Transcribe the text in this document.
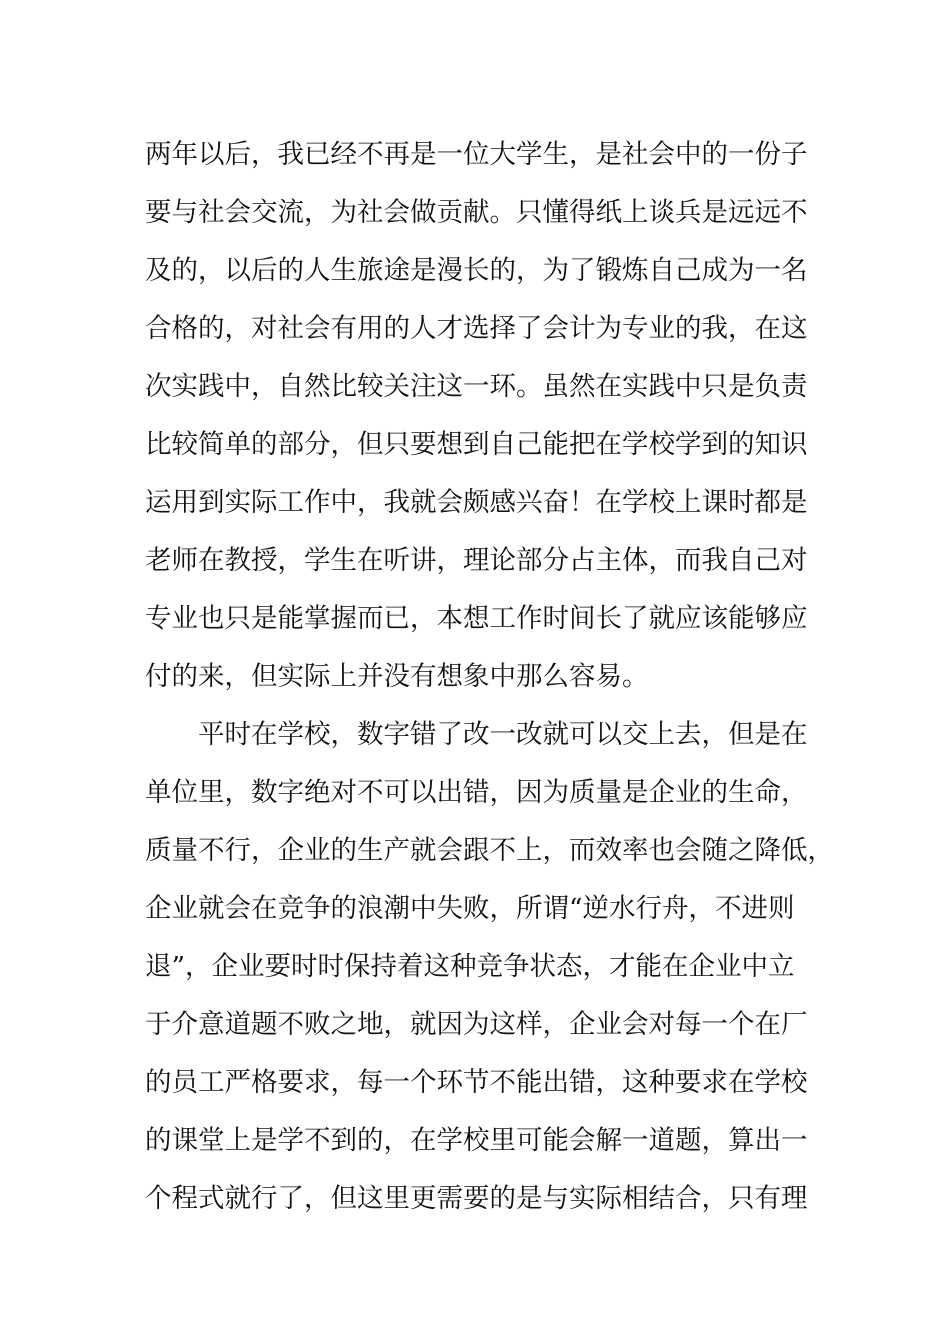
两年以后，我已经不再是一位大学生，是社会中的一份子
要与社会交流，为社会做贡献。只懂得纸上谈兵是远远不
及的，以后的人生旅途是漫长的，为了锻炼自己成为一名
合格的，对社会有用的人才选择了会计为专业的我，在这
次实践中，自然比较关注这一环。虽然在实践中只是负责
比较简单的部分，但只要想到自己能把在学校学到的知识
运用到实际工作中，我就会颇感兴奋！在学校上课时都是
老师在教授，学生在听讲，理论部分占主体，而我自己对
专业也只是能掌握而已，本想工作时间长了就应该能够应
付的来，但实际上并没有想象中那么容易。
　　平时在学校，数字错了改一改就可以交上去，但是在
单位里，数字绝对不可以出错，因为质量是企业的生命，
质量不行，企业的生产就会跟不上，而效率也会随之降低，
企业就会在竞争的浪潮中失败，所谓“逆水行舟，不进则
退”，企业要时时保持着这种竞争状态，才能在企业中立
于介意道题不败之地，就因为这样，企业会对每一个在厂
的员工严格要求，每一个环节不能出错，这种要求在学校
的课堂上是学不到的，在学校里可能会解一道题，算出一
个程式就行了，但这里更需要的是与实际相结合，只有理
